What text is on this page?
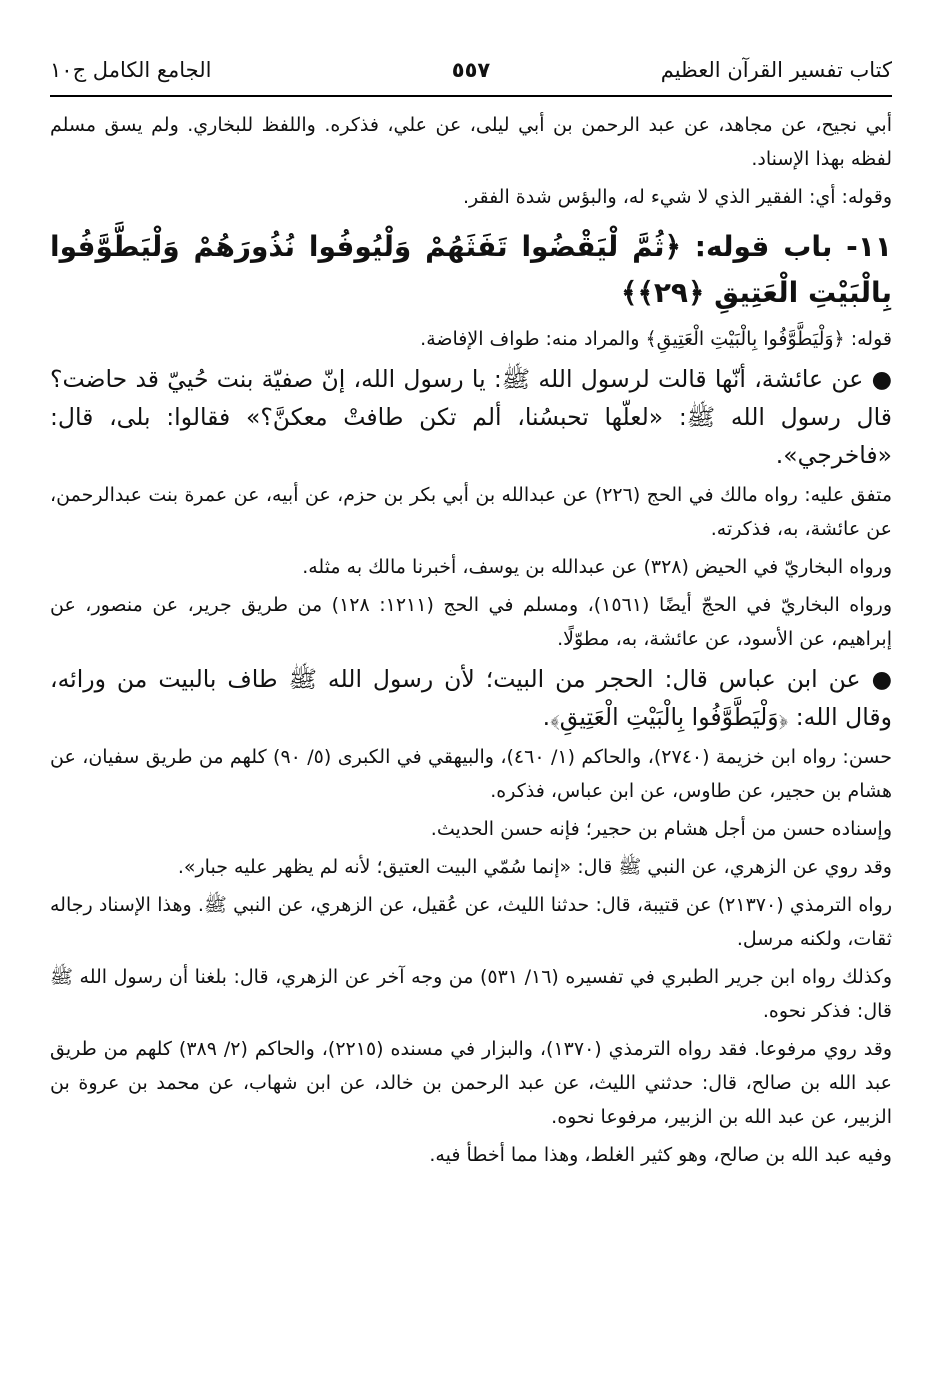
كتاب تفسير القرآن العظيم
٥٥٧
الجامع الكامل ج١٠

أبي نجيح، عن مجاهد، عن عبد الرحمن بن أبي ليلى، عن علي، فذكره. واللفظ للبخاري. ولم يسق مسلم لفظه بهذا الإسناد.

وقوله: أي: الفقير الذي لا شيء له، والبؤس شدة الفقر.

١١- باب قوله: ﴿ثُمَّ لْيَقْضُوا تَفَثَهُمْ وَلْيُوفُوا نُذُورَهُمْ وَلْيَطَّوَّفُوا بِالْبَيْتِ الْعَتِيقِ ﴿٢٩﴾﴾

قوله: ﴿وَلْيَطَّوَّفُوا بِالْبَيْتِ الْعَتِيقِ﴾ والمراد منه: طواف الإفاضة.

● عن عائشة، أنّها قالت لرسول الله ﷺ: يا رسول الله، إنّ صفيّة بنت حُييّ قد حاضت؟ قال رسول الله ﷺ: «لعلّها تحبسُنا، ألم تكن طافتْ معكنَّ؟» فقالوا: بلى، قال: «فاخرجي».

متفق عليه: رواه مالك في الحج (٢٢٦) عن عبدالله بن أبي بكر بن حزم، عن أبيه، عن عمرة بنت عبدالرحمن، عن عائشة، به، فذكرته.

ورواه البخاريّ في الحيض (٣٢٨) عن عبدالله بن يوسف، أخبرنا مالك به مثله.

ورواه البخاريّ في الحجّ أيضًا (١٥٦١)، ومسلم في الحج (١٢١١: ١٢٨) من طريق جرير، عن منصور، عن إبراهيم، عن الأسود، عن عائشة، به، مطوّلًا.

● عن ابن عباس قال: الحجر من البيت؛ لأن رسول الله ﷺ طاف بالبيت من ورائه، وقال الله: ﴿وَلْيَطَّوَّفُوا بِالْبَيْتِ الْعَتِيقِ﴾.

حسن: رواه ابن خزيمة (٢٧٤٠)، والحاكم (١/ ٤٦٠)، والبيهقي في الكبرى (٥/ ٩٠) كلهم من طريق سفيان، عن هشام بن حجير، عن طاوس، عن ابن عباس، فذكره.

وإسناده حسن من أجل هشام بن حجير؛ فإنه حسن الحديث.

وقد روي عن الزهري، عن النبي ﷺ قال: «إنما سُمّي البيت العتيق؛ لأنه لم يظهر عليه جبار».

رواه الترمذي (٢١٣٧٠) عن قتيبة، قال: حدثنا الليث، عن عُقيل، عن الزهري، عن النبي ﷺ. وهذا الإسناد رجاله ثقات، ولكنه مرسل.

وكذلك رواه ابن جرير الطبري في تفسيره (١٦/ ٥٣١) من وجه آخر عن الزهري، قال: بلغنا أن رسول الله ﷺ قال: فذكر نحوه.

وقد روي مرفوعا. فقد رواه الترمذي (١٣٧٠)، والبزار في مسنده (٢٢١٥)، والحاكم (٢/ ٣٨٩) كلهم من طريق عبد الله بن صالح، قال: حدثني الليث، عن عبد الرحمن بن خالد، عن ابن شهاب، عن محمد بن عروة بن الزبير، عن عبد الله بن الزبير، مرفوعا نحوه.

وفيه عبد الله بن صالح، وهو كثير الغلط، وهذا مما أخطأ فيه.
